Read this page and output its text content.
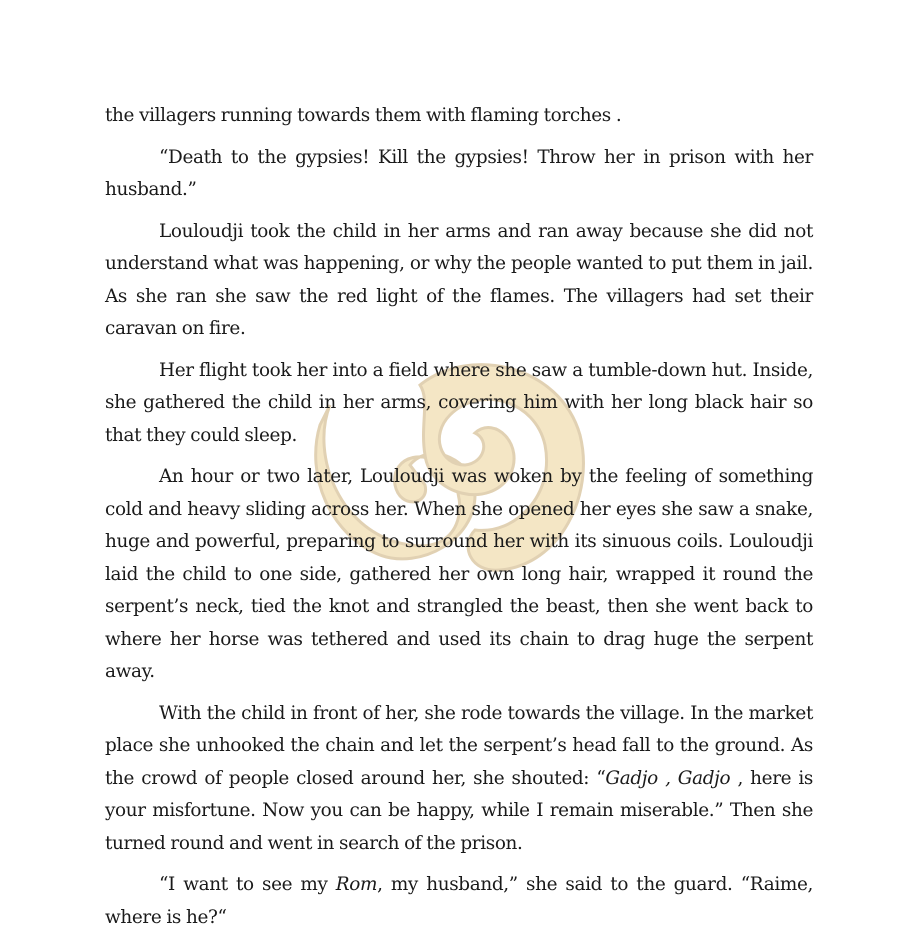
the villagers running towards them with flaming torches .

“Death to the gypsies! Kill the gypsies! Throw her in prison with her husband.”

Louloudji took the child in her arms and ran away because she did not understand what was happening, or why the people wanted to put them in jail. As she ran she saw the red light of the flames. The villagers had set their caravan on fire.

Her flight took her into a field where she saw a tumble-down hut. Inside, she gathered the child in her arms, covering him with her long black hair so that they could sleep.

An hour or two later, Louloudji was woken by the feeling of something cold and heavy sliding across her. When she opened her eyes she saw a snake, huge and powerful, preparing to surround her with its sinuous coils. Louloudji laid the child to one side, gathered her own long hair, wrapped it round the serpent’s neck, tied the knot and strangled the beast, then she went back to where her horse was tethered and used its chain to drag huge the serpent away.

With the child in front of her, she rode towards the village. In the market place she unhooked the chain and let the serpent’s head fall to the ground. As the crowd of people closed around her, she shouted: “Gadjo , Gadjo , here is your misfortune. Now you can be happy, while I remain miserable.” Then she turned round and went in search of the prison.

“I want to see my Rom, my husband,” she said to the guard. “Raime, where is he?“
